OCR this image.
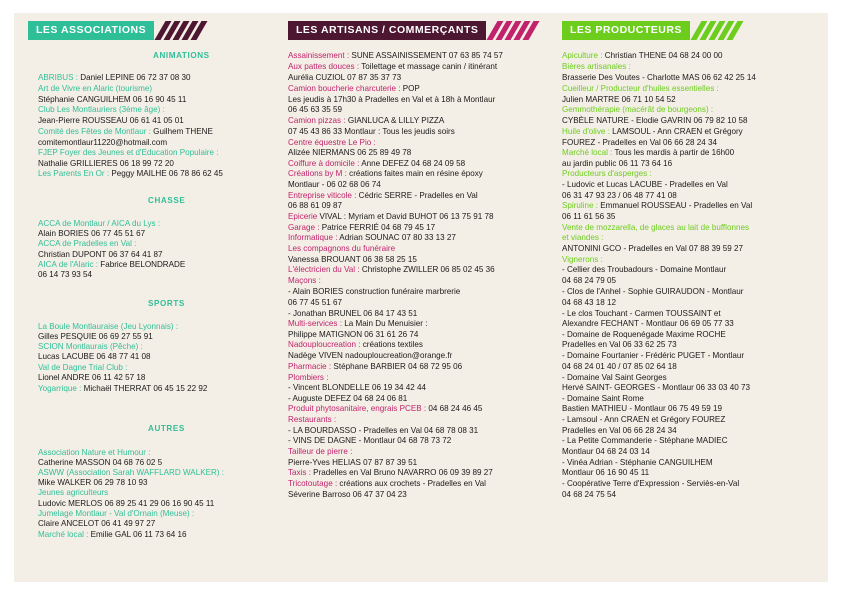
LES ASSOCIATIONS
ANIMATIONS
ABRIBUS : Daniel LEPINE 06 72 37 08 30
Art de Vivre en Alaric (tourisme)
Stéphanie CANGUILHEM 06 16 90 45 11
Club Les Montlauriers (3ème âge) :
Jean-Pierre ROUSSEAU 06 61 41 05 01
Comité des Fêtes de Montlaur : Guilhem THENE
comitemontlaur11220@hotmail.com
FJEP Foyer des Jeunes et d'Education Populaire :
Nathalie GRILLIERES 06 18 99 72 20
Les Parents En Or : Peggy MAILHE 06 78 86 62 45
CHASSE
ACCA de Montlaur / AICA du Lys :
Alain BORIES 06 77 45 51 67
ACCA de Pradelles en Val :
Christian DUPONT 06 37 64 41 87
AICA de l'Alaric : Fabrice BELONDRADE
06 14 73 93 54
SPORTS
La Boule Montlauraise (Jeu Lyonnais) :
Gilles PESQUIE 06 69 27 55 91
SCION Montlaurais (Pêche) :
Lucas LACUBE 06 48 77 41 08
Val de Dagne Trial Club :
Lionel ANDRE 06 11 42 57 18
Yogarrique : Michaël THERRAT 06 45 15 22 92
AUTRES
Association Nature et Humour :
Catherine MASSON 04 68 76 02 5
ASWW (Association Sarah WAFFLARD WALKER) :
Mike WALKER 06 29 78 10 93
Jeunes agriculteurs
Ludovic MERLOS 06 89 25 41 29 06 16 90 45 11
Jumelage Montlaur - Val d'Ornain (Meuse) :
Claire ANCELOT 06 41 49 97 27
Marché local : Emilie GAL 06 11 73 64 16
LES ARTISANS / COMMERÇANTS
Assainissement : SUNE ASSAINISSEMENT 07 63 85 74 57
Aux pattes douces : Toilettage et massage canin / itinérant
Aurélia CUZIOL 07 87 35 37 73
Camion boucherie charcuterie : POP
Les jeudis à 17h30 à Pradelles en Val et à 18h à Montlaur
06 45 63 35 59
Camion pizzas : GIANLUCA & LILLY PIZZA
07 45 43 86 33 Montlaur : Tous les jeudis soirs
Centre équestre Le Pio :
Alizée NIERMANS 06 25 89 49 78
Coiffure à domicile : Anne DEFEZ 04 68 24 09 58
Créations by M : créations faites main en résine époxy
Montlaur - 06 02 68 06 74
Entreprise viticole : Cédric SERRE - Pradelles en Val
06 88 61 09 87
Epicerie VIVAL : Myriam et David BUHOT 06 13 75 91 78
Garage : Patrice FERRIÉ 04 68 79 45 17
Informatique : Adrian SOUNAC 07 80 33 13 27
Les compagnons du funéraire
Vanessa BROUANT 06 38 58 25 15
L'électricien du Val : Christophe ZWILLER 06 85 02 45 36
Maçons :
- Alain BORIES construction funéraire marbrerie
06 77 45 51 67
- Jonathan BRUNEL 06 84 17 43 51
Multi-services : La Main Du Menuisier :
Philippe MATIGNON 06 31 61 26 74
Nadouploucreation : créations textiles
Nadège VIVEN nadouploucreation@orange.fr
Pharmacie : Stéphane BARBIER 04 68 72 95 06
Plombiers :
- Vincent BLONDELLE 06 19 34 42 44
- Auguste DEFEZ 04 68 24 06 81
Produit phytosanitaire, engrais PCEB : 04 68 24 46 45
Restaurants :
- LA BOURDASSO - Pradelles en Val 04 68 78 08 31
- VINS DE DAGNE - Montlaur 04 68 78 73 72
Tailleur de pierre :
Pierre-Yves HELIAS 07 87 87 39 51
Taxis : Pradelles en Val Bruno NAVARRO 06 09 39 89 27
Tricotoutage : créations aux crochets - Pradelles en Val
Séverine Barroso 06 47 37 04 23
LES PRODUCTEURS
Apiculture : Christian THENE 04 68 24 00 00
Bières artisanales :
Brasserie Des Voutes - Charlotte MAS 06 62 42 25 14
Cueilleur / Producteur d'huiles essentielles :
Julien MARTRE 06 71 10 54 52
Gemmothérapie (macérât de bourgeons) :
CYBÈLE NATURE - Elodie GAVRIN 06 79 82 10 58
Huile d'olive : LAMSOUL - Ann CRAEN et Grégory
FOUREZ - Pradelles en Val 06 66 28 24 34
Marché local : Tous les mardis à partir de 16h00
au jardin public 06 11 73 64 16
Producteurs d'asperges :
- Ludovic et Lucas LACUBE - Pradelles en Val
06 31 47 93 23 / 06 48 77 41 08
Spiruline : Emmanuel ROUSSEAU - Pradelles en Val
06 11 61 56 35
Vente de mozzarella, de glaces au lait de bufflonnes
et viandes :
ANTONINI GCO - Pradelles en Val 07 88 39 59 27
Vignerons :
- Cellier des Troubadours - Domaine Montlaur
04 68 24 79 05
- Clos de l'Anhel - Sophie GUIRAUDON - Montlaur
04 68 43 18 12
- Le clos Touchant - Carmen TOUSSAINT et
Alexandre FECHANT - Montlaur 06 69 05 77 33
- Domaine de Roquenégade Maxime ROCHE
Pradelles en Val 06 33 62 25 73
- Domaine Fourtanier - Frédéric PUGET - Montlaur
04 68 24 01 40 / 07 85 02 64 18
- Domaine Val Saint Georges
Hervé SAINT- GEORGES - Montlaur 06 33 03 40 73
- Domaine Saint Rome
Bastien MATHIEU - Montlaur 06 75 49 59 19
- Lamsoul - Ann CRAEN et Grégory FOUREZ
Pradelles en Val 06 66 28 24 34
- La Petite Commanderie - Stéphane MADIEC
Montlaur 04 68 24 03 14
- Vinéa Adrian - Stéphanie CANGUILHEM
Montlaur 06 16 90 45 11
- Coopérative Terre d'Expression - Serviès-en-Val
04 68 24 75 54
